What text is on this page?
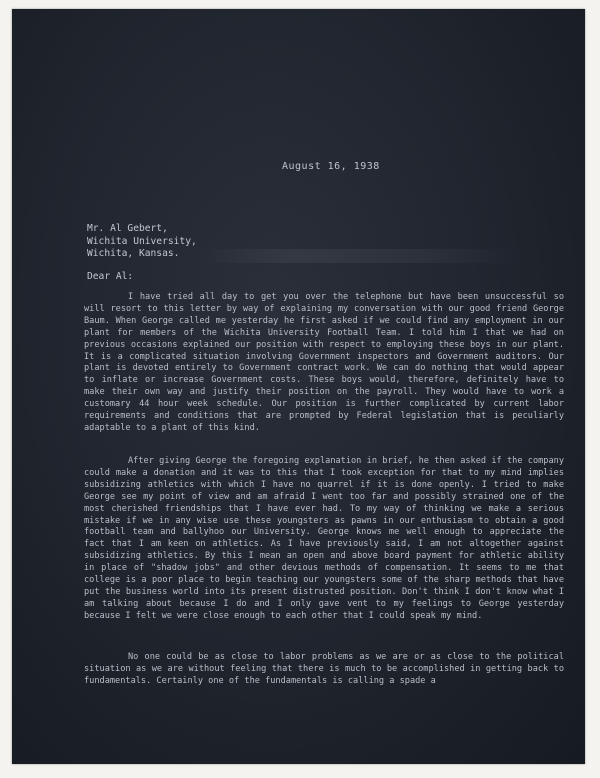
August 16, 1938
Mr. Al Gebert,
Wichita University,
Wichita, Kansas.
Dear Al:

I have tried all day to get you over the telephone but have been unsuccessful so will resort to this letter by way of explaining my conversation with our good friend George Baum. When George called me yesterday he first asked if we could find any employment in our plant for members of the Wichita University Football Team. I told him I that we had on previous occasions explained our position with respect to employing these boys in our plant. It is a complicated situation involving Government inspectors and Government auditors. Our plant is devoted entirely to Government contract work. We can do nothing that would appear to inflate or increase Government costs. These boys would, therefore, definitely have to make their own way and justify their position on the payroll. They would have to work a customary 44 hour week schedule. Our position is further complicated by current labor requirements and conditions that are prompted by Federal legislation that is peculiarly adaptable to a plant of this kind.

After giving George the foregoing explanation in brief, he then asked if the company could make a donation and it was to this that I took exception for that to my mind implies subsidizing athletics with which I have no quarrel if it is done openly. I tried to make George see my point of view and am afraid I went too far and possibly strained one of the most cherished friendships that I have ever had. To my way of thinking we make a serious mistake if we in any wise use these youngsters as pawns in our enthusiasm to obtain a good football team and ballyhoo our University. George knows me well enough to appreciate the fact that I am keen on athletics. As I have previously said, I am not altogether against subsidizing athletics. By this I mean an open and above board payment for athletic ability in place of "shadow jobs" and other devious methods of compensation. It seems to me that college is a poor place to begin teaching our youngsters some of the sharp methods that have put the business world into its present distrusted position. Don't think I don't know what I am talking about because I do and I only gave vent to my feelings to George yesterday because I felt we were close enough to each other that I could speak my mind.

No one could be as close to labor problems as we are or as close to the political situation as we are without feeling that there is much to be accomplished in getting back to fundamentals. Certainly one of the fundamentals is calling a spade a
